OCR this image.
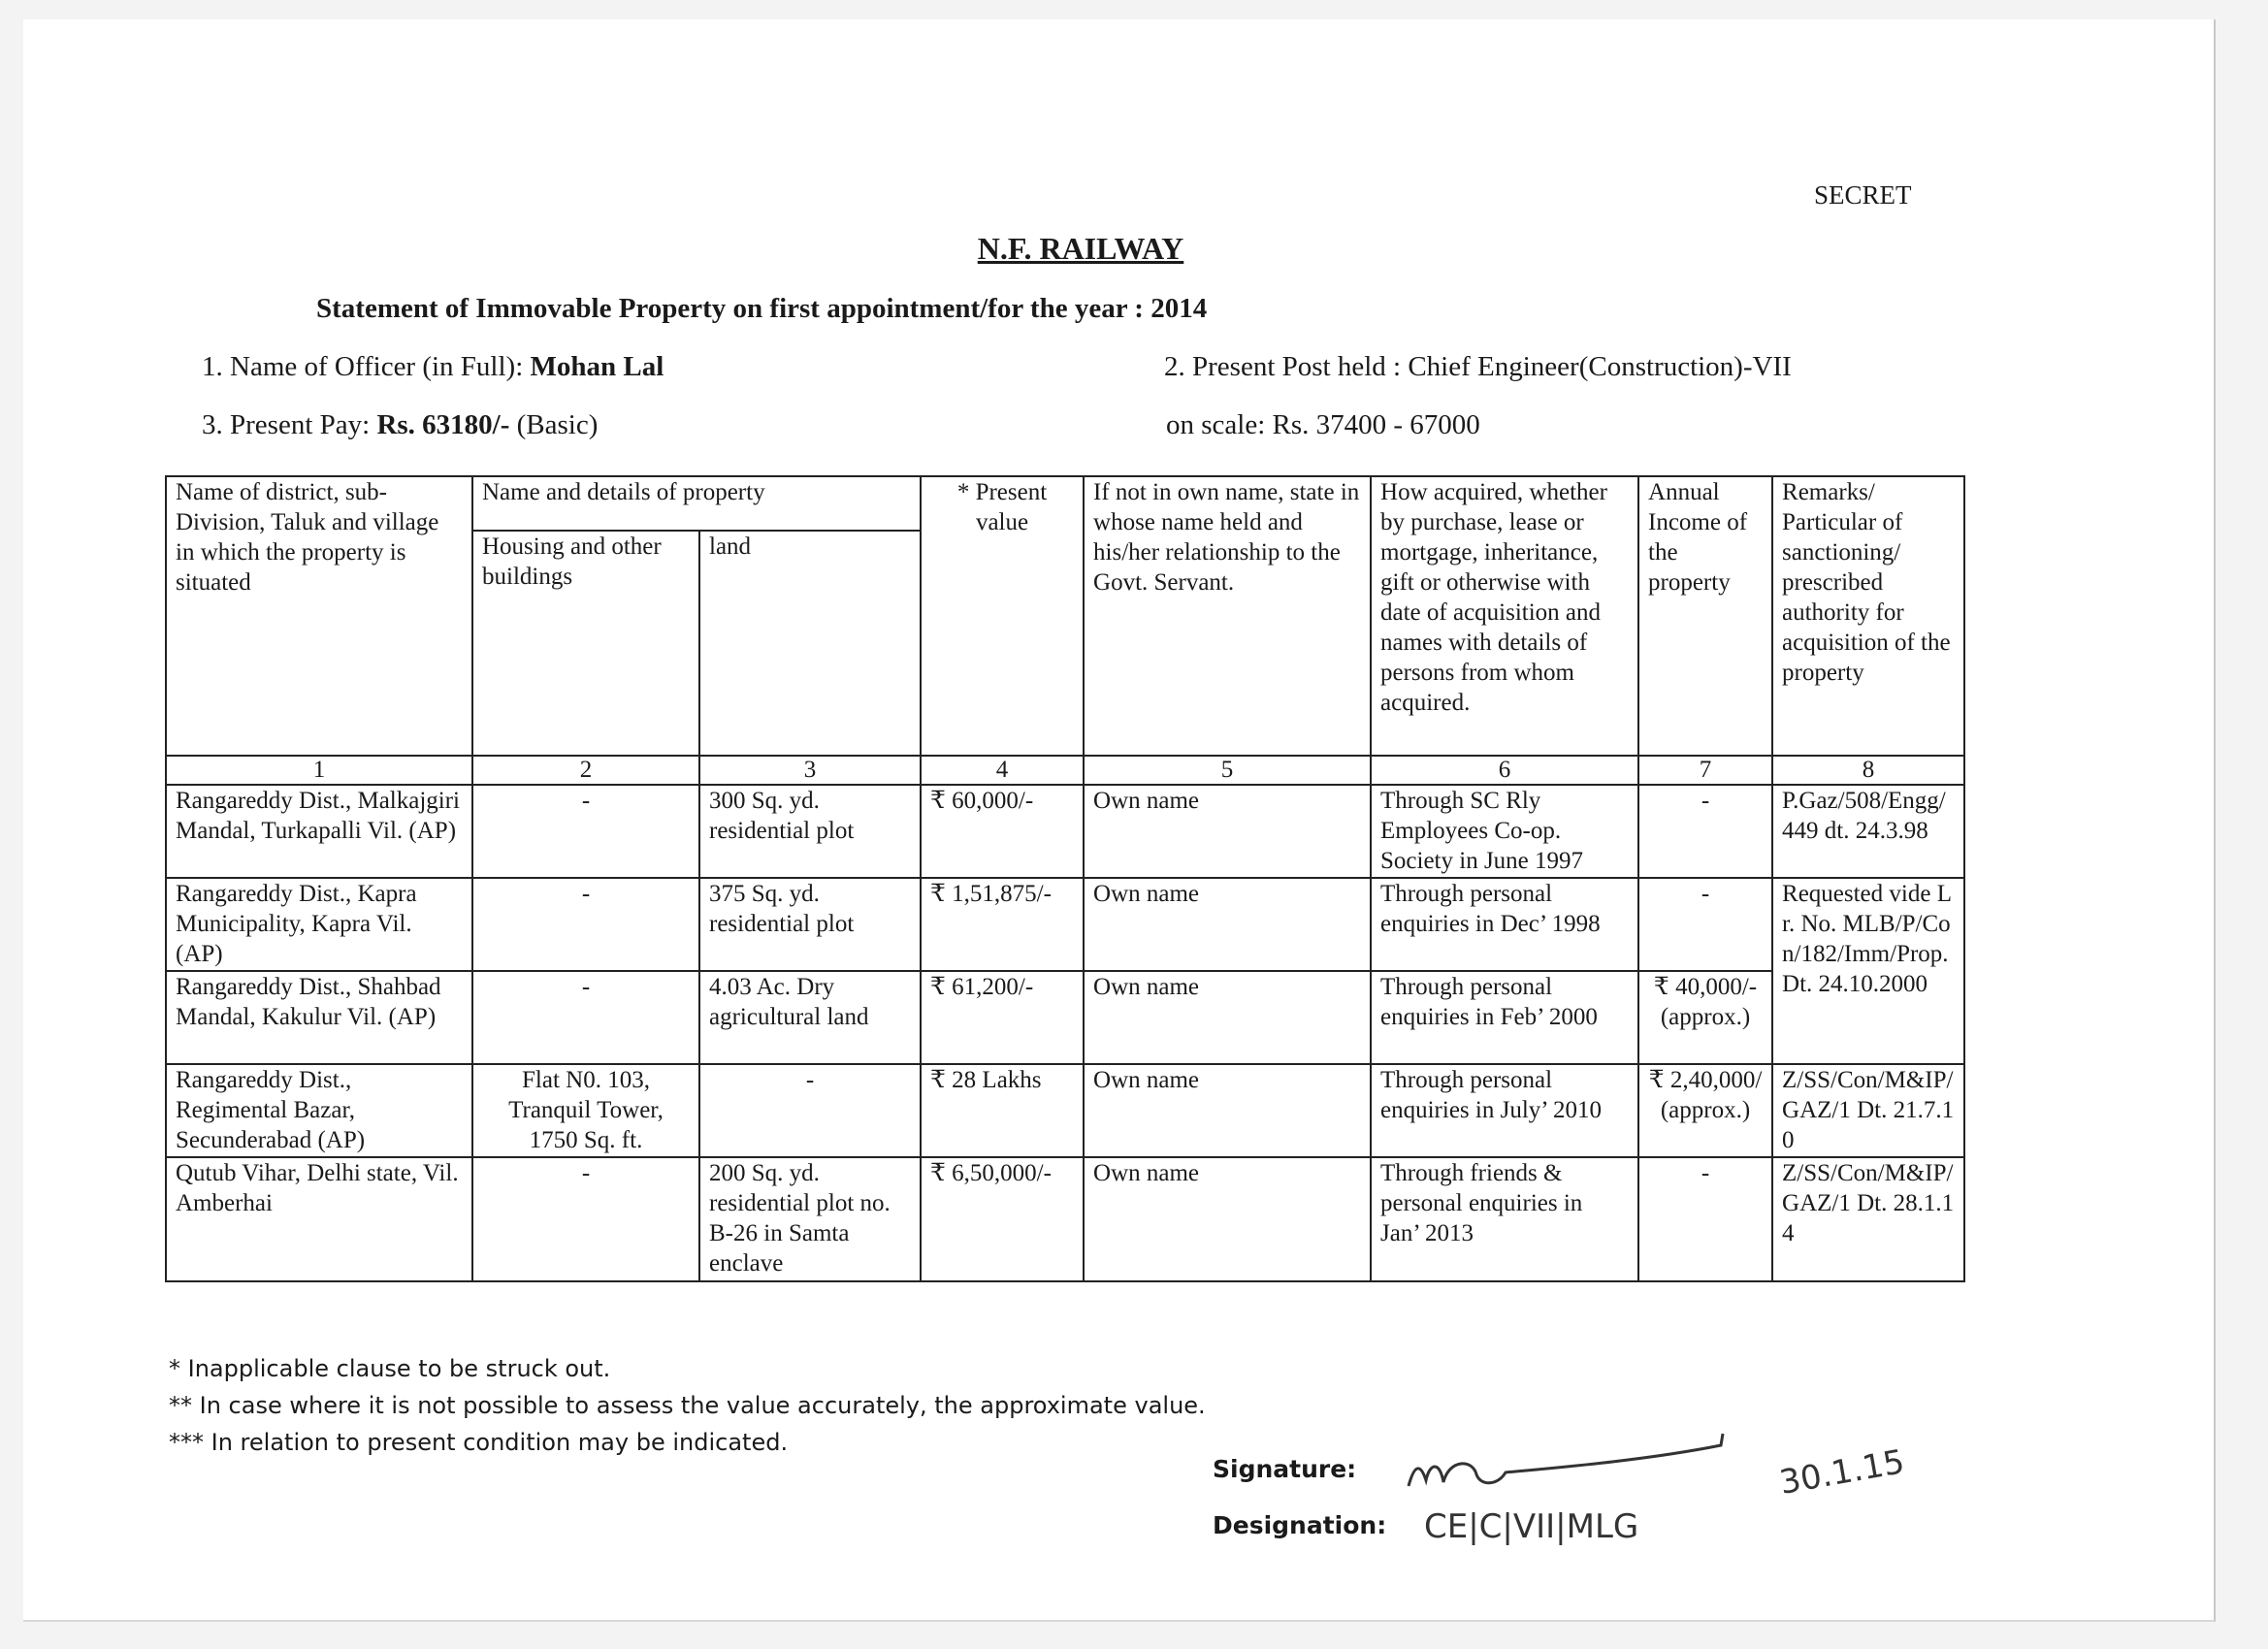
SECRET
N.F. RAILWAY
Statement of Immovable Property on first appointment/for the year : 2014
1. Name of Officer (in Full): Mohan Lal	2. Present Post held : Chief Engineer(Construction)-VII
3. Present Pay: Rs. 63180/- (Basic)	on scale: Rs. 37400 - 67000
Name of district, sub-Division, Taluk and village in which the property is situated	Name and details of property		* Present value	If not in own name, state in whose name held and his/her relationship to the Govt. Servant.	How acquired, whether by purchase, lease or mortgage, inheritance, gift or otherwise with date of acquisition and names with details of persons from whom acquired.	Annual Income of the property	Remarks/ Particular of sanctioning/ prescribed authority for acquisition of the property
	Housing and other buildings	land					
1	2	3	4	5	6	7	8
Rangareddy Dist., Malkajgiri Mandal, Turkapalli Vil. (AP)	-	300 Sq. yd. residential plot	₹ 60,000/-	Own name	Through SC Rly Employees Co-op. Society in June 1997	-	P.Gaz/508/Engg/449 dt. 24.3.98
Rangareddy Dist., Kapra Municipality, Kapra Vil. (AP)	-	375 Sq. yd. residential plot	₹ 1,51,875/-	Own name	Through personal enquiries in Dec’ 1998	-	Requested vide Lr. No. MLB/P/Con/182/Imm/Prop. Dt. 24.10.2000
Rangareddy Dist., Shahbad Mandal, Kakulur Vil. (AP)	-	4.03 Ac. Dry agricultural land	₹ 61,200/-	Own name	Through personal enquiries in Feb’ 2000	₹ 40,000/- (approx.)	
Rangareddy Dist., Regimental Bazar, Secunderabad (AP)	Flat N0. 103, Tranquil Tower, 1750 Sq. ft.	-	₹ 28 Lakhs	Own name	Through personal enquiries in July’ 2010	₹ 2,40,000/ (approx.)	Z/SS/Con/M&IP/GAZ/1 Dt. 21.7.10
Qutub Vihar, Delhi state, Vil. Amberhai	-	200 Sq. yd. residential plot no. B-26 in Samta enclave	₹ 6,50,000/-	Own name	Through friends & personal enquiries in Jan’ 2013	-	Z/SS/Con/M&IP/GAZ/1 Dt. 28.1.14
* Inapplicable clause to be struck out.
** In case where it is not possible to assess the value accurately, the approximate value.
*** In relation to present condition may be indicated.
Signature:
Designation:
30.1.15
CE|C|VII|MLG
